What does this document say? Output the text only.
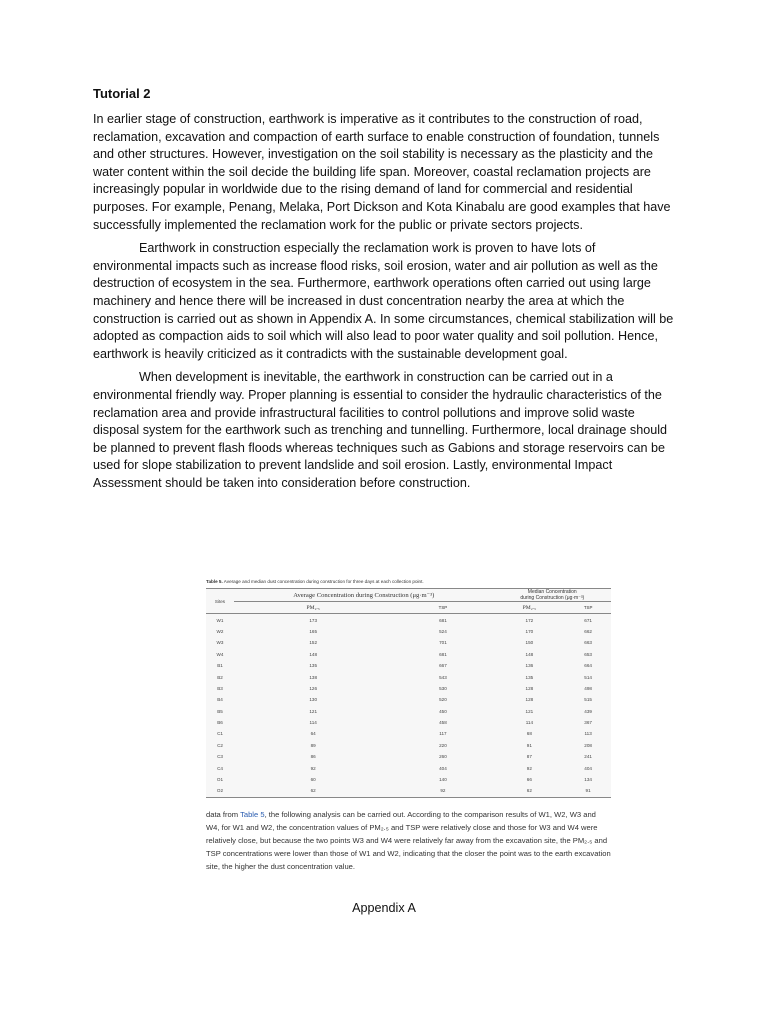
Tutorial 2

In earlier stage of construction, earthwork is imperative as it contributes to the construction of road, reclamation, excavation and compaction of earth surface to enable construction of foundation, tunnels and other structures. However, investigation on the soil stability is necessary as the plasticity and the water content within the soil decide the building life span. Moreover, coastal reclamation projects are increasingly popular in worldwide due to the rising demand of land for commercial and residential purposes. For example, Penang, Melaka, Port Dickson and Kota Kinabalu are good examples that have successfully implemented the reclamation work for the public or private sectors projects.

Earthwork in construction especially the reclamation work is proven to have lots of environmental impacts such as increase flood risks, soil erosion, water and air pollution as well as the destruction of ecosystem in the sea. Furthermore, earthwork operations often carried out using large machinery and hence there will be increased in dust concentration nearby the area at which the construction is carried out as shown in Appendix A. In some circumstances, chemical stabilization will be adopted as compaction aids to soil which will also lead to poor water quality and soil pollution. Hence, earthwork is heavily criticized as it contradicts with the sustainable development goal.

When development is inevitable, the earthwork in construction can be carried out in a environmental friendly way. Proper planning is essential to consider the hydraulic characteristics of the reclamation area and provide infrastructural facilities to control pollutions and improve solid waste disposal system for the earthwork such as trenching and tunnelling. Furthermore, local drainage should be planned to prevent flash floods whereas techniques such as Gabions and storage reservoirs can be used for slope stabilization to prevent landslide and soil erosion. Lastly, environmental Impact Assessment should be taken into consideration before construction.

Table 5. Average and median dust concentration during construction for three days at each collection point.
Sites	Average Concentration during Construction (μg·m⁻³)		Median Concentration
during Construction (μg·m⁻³)	
	PM₂.₅	TSP	PM₂.₅	TSP
W1	173	681	172	671
W2	165	524	170	662
W3	152	701	150	663
W4	148	681	148	653
B1	135	667	136	664
B2	138	543	135	514
B3	126	530	128	498
B4	130	520	128	515
B5	121	450	121	439
B6	114	458	114	367
C1	64	117	68	113
C2	89	220	91	208
C3	86	260	87	241
C4	92	404	92	404
O1	60	140	66	134
O2	62	92	62	91
data from Table 5, the following analysis can be carried out. According to the comparison results of W1, W2, W3 and W4, for W1 and W2, the concentration values of PM₂.₅ and TSP were relatively close and those for W3 and W4 were relatively close, but because the two points W3 and W4 were relatively far away from the excavation site, the PM₂.₅ and TSP concentrations were lower than those of W1 and W2, indicating that the closer the point was to the earth excavation site, the higher the dust concentration value.
Appendix A
